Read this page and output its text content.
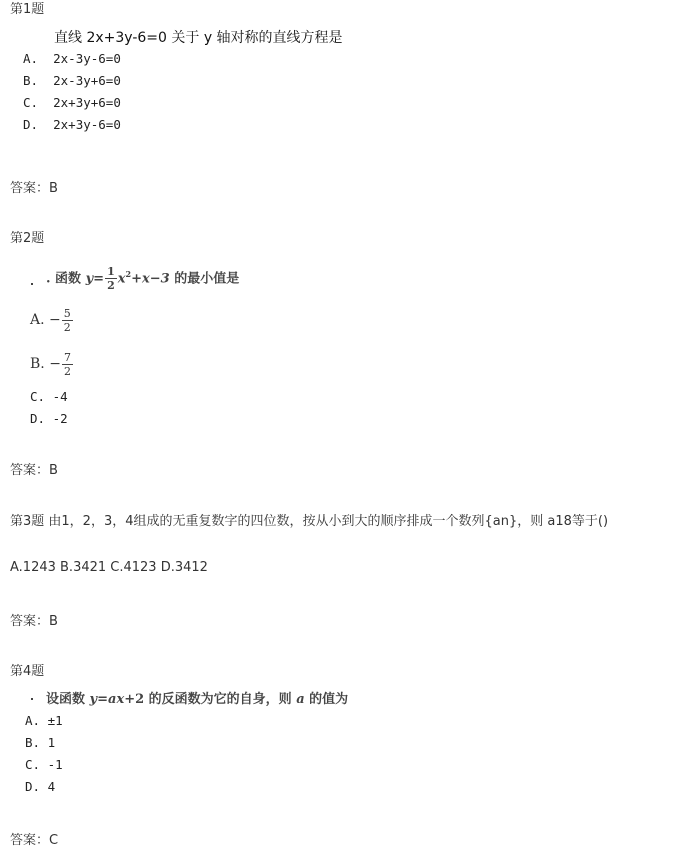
第1题
直线 2x+3y-6=0 关于 y 轴对称的直线方程是
A. 2x-3y-6=0
B. 2x-3y+6=0
C. 2x+3y+6=0
D. 2x+3y-6=0
答案：B
第2题
. 函数 $y= \frac{1}{2} x^2+x-3$ 的最小值是
A. − $\frac{5}{2}$
B. − $\frac{7}{2}$
C. -4
D. -2
答案：B
第3题 由1，2，3，4组成的无重复数字的四位数，按从小到大的顺序排成一个数列{an}，则 a18等于()
A.1243 B.3421 C.4123 D.3412
答案：B
第4题
设函数 y=ax+2 的反函数为它的自身，则 a 的值为
A. ±1
B. 1
C. -1
D. 4
答案：C
